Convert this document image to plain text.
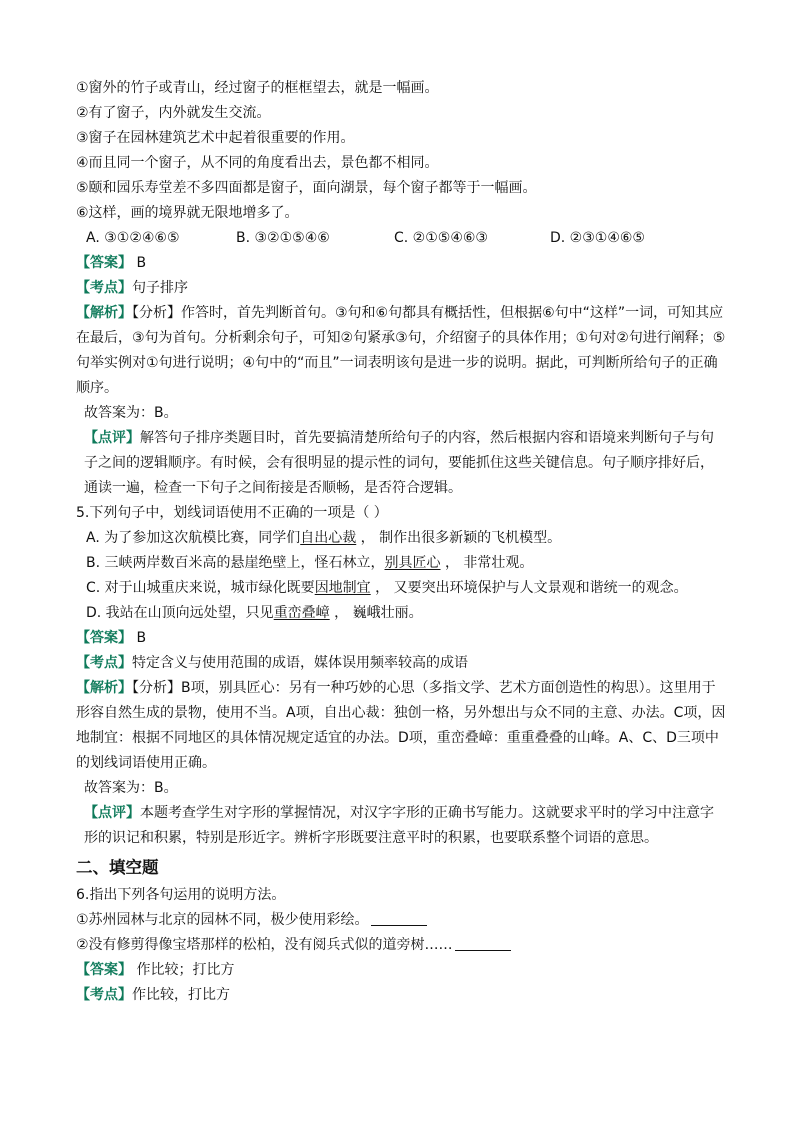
①窗外的竹子或青山，经过窗子的框框望去，就是一幅画。
②有了窗子，内外就发生交流。
③窗子在园林建筑艺术中起着很重要的作用。
④而且同一个窗子，从不同的角度看出去，景色都不相同。
⑤颐和园乐寿堂差不多四面都是窗子，面向湖景，每个窗子都等于一幅画。
⑥这样，画的境界就无限地增多了。
A. ③①②④⑥⑤	B. ③②①⑤④⑥	C. ②①⑤④⑥③	D. ②③①④⑥⑤
【答案】 B
【考点】句子排序
【解析】【分析】作答时，首先判断首句。③句和⑥句都具有概括性，但根据⑥句中“这样”一词，可知其应在最后，③句为首句。分析剩余句子，可知②句紧承③句，介绍窗子的具体作用；①句对②句进行阐释；⑤句举实例对①句进行说明；④句中的“而且”一词表明该句是进一步的说明。据此，可判断所给句子的正确顺序。
故答案为：B。
【点评】解答句子排序类题目时，首先要搞清楚所给句子的内容，然后根据内容和语境来判断句子与句子之间的逻辑顺序。有时候，会有很明显的提示性的词句，要能抓住这些关键信息。句子顺序排好后，通读一遍，检查一下句子之间衔接是否顺畅，是否符合逻辑。
5.下列句子中，划线词语使用不正确的一项是（ ）
A. 为了参加这次航模比赛，同学们自出心裁 ， 制作出很多新颖的飞机模型。
B. 三峡两岸数百米高的悬崖绝壁上，怪石林立，别具匠心 ， 非常壮观。
C. 对于山城重庆来说，城市绿化既要因地制宜 ， 又要突出环境保护与人文景观和谐统一的观念。
D. 我站在山顶向远处望，只见重峦叠嶂 ， 巍峨壮丽。
【答案】 B
【考点】特定含义与使用范围的成语，媒体误用频率较高的成语
【解析】【分析】B项，别具匠心：另有一种巧妙的心思（多指文学、艺术方面创造性的构思）。这里用于形容自然生成的景物，使用不当。A项，自出心裁：独创一格，另外想出与众不同的主意、办法。C项，因地制宜：根据不同地区的具体情况规定适宜的办法。D项，重峦叠嶂：重重叠叠的山峰。A、C、D三项中的划线词语使用正确。
故答案为：B。
【点评】本题考查学生对字形的掌握情况，对汉字字形的正确书写能力。这就要求平时的学习中注意字形的识记和积累，特别是形近字。辨析字形既要注意平时的积累，也要联系整个词语的意思。
二、填空题
6.指出下列各句运用的说明方法。
①苏州园林与北京的园林不同，极少使用彩绘。
②没有修剪得像宝塔那样的松柏，没有阅兵式似的道旁树……
【答案】 作比较；打比方
【考点】作比较，打比方
